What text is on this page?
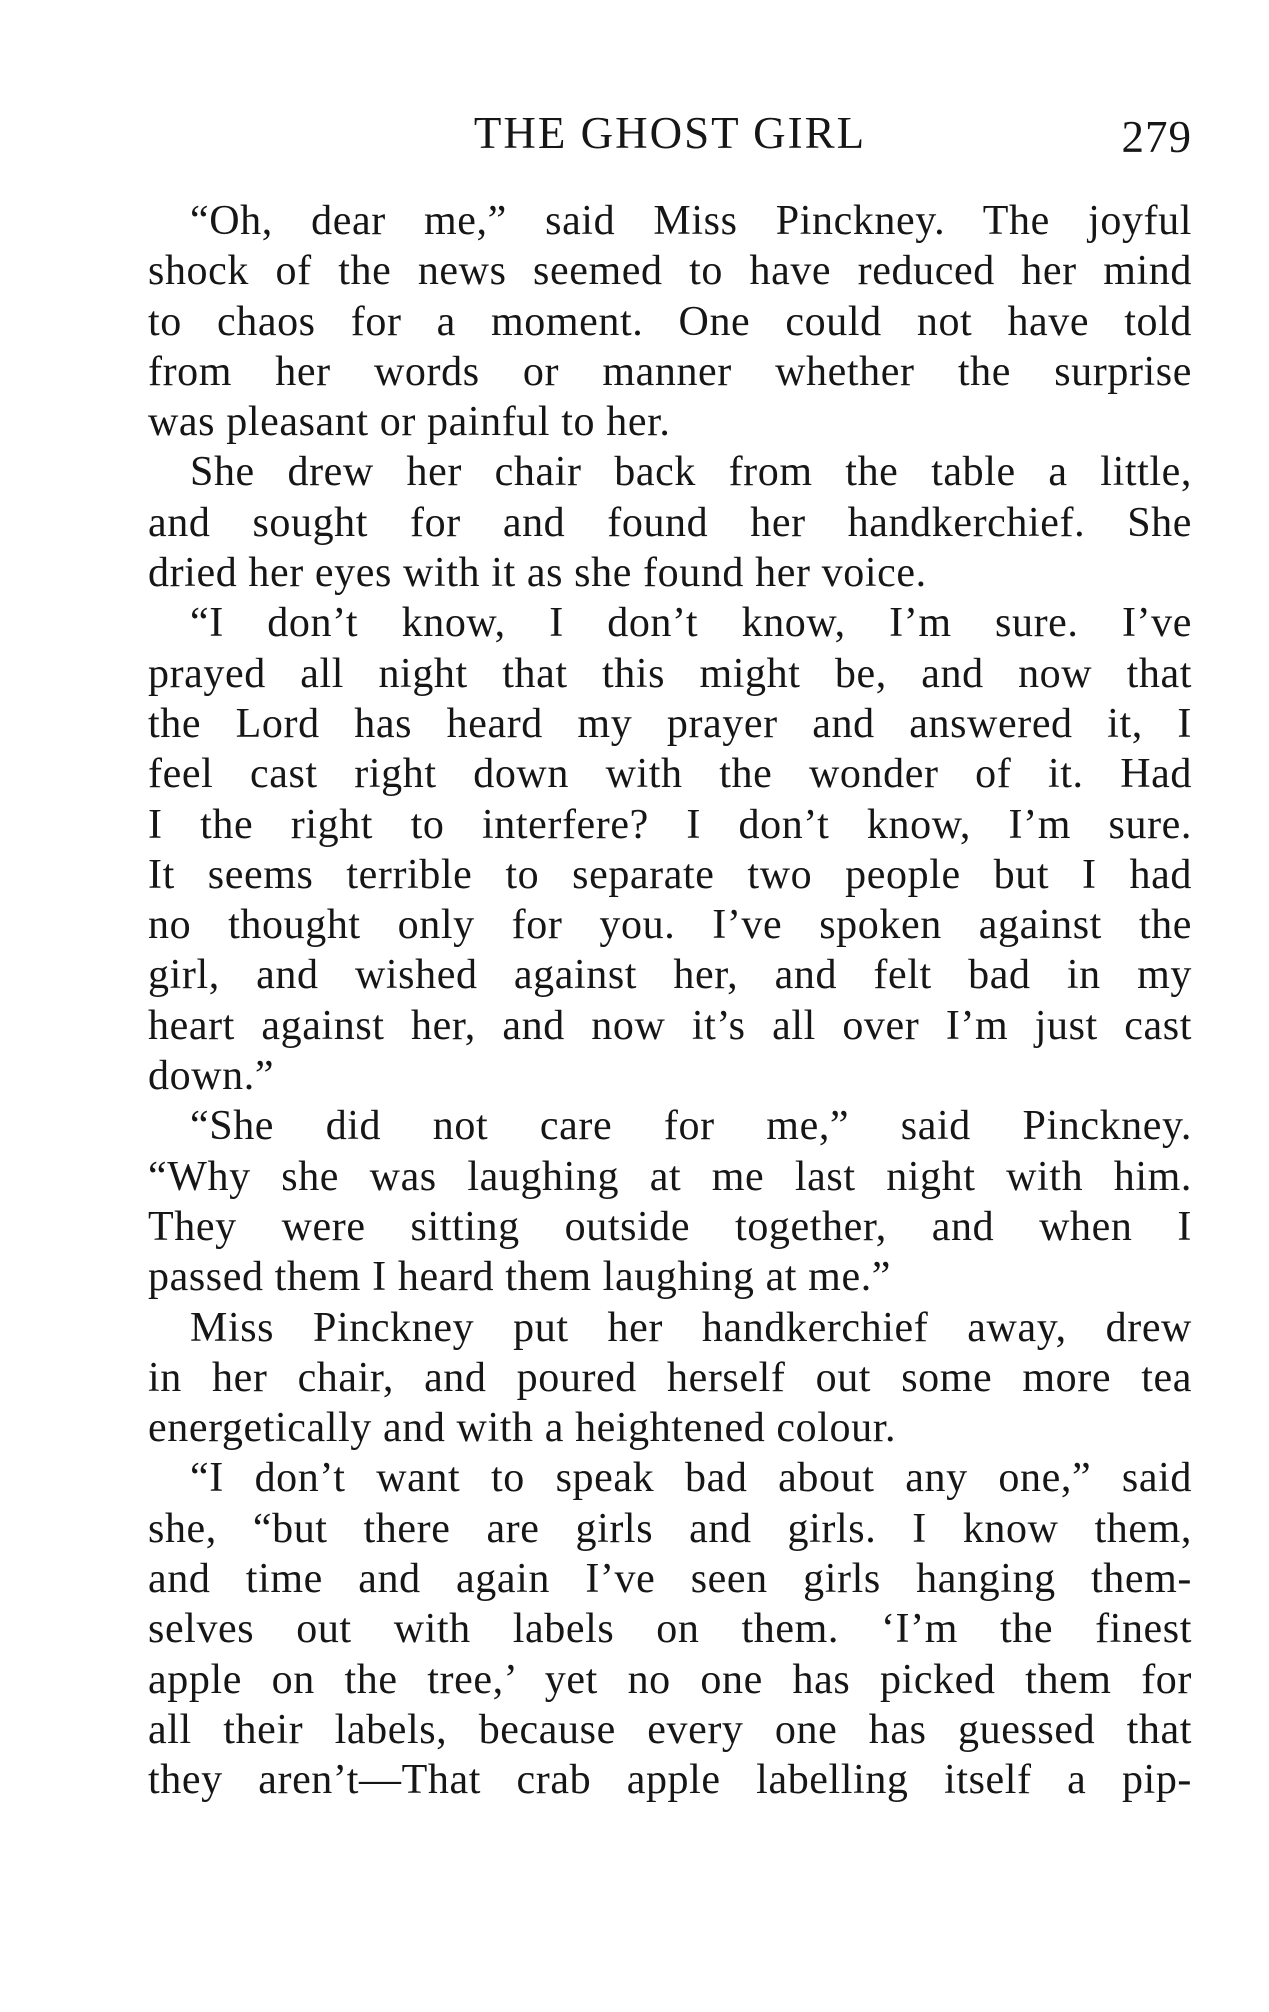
THE GHOST GIRL	279
“Oh, dear me,” said Miss Pinckney. The joyful
shock of the news seemed to have reduced her mind
to chaos for a moment. One could not have told
from her words or manner whether the surprise
was pleasant or painful to her.
She drew her chair back from the table a little,
and sought for and found her handkerchief. She
dried her eyes with it as she found her voice.
“I don’t know, I don’t know, I’m sure. I’ve
prayed all night that this might be, and now that
the Lord has heard my prayer and answered it, I
feel cast right down with the wonder of it. Had
I the right to interfere? I don’t know, I’m sure.
It seems terrible to separate two people but I had
no thought only for you. I’ve spoken against the
girl, and wished against her, and felt bad in my
heart against her, and now it’s all over I’m just cast
down.”
“She did not care for me,” said Pinckney.
“Why she was laughing at me last night with him.
They were sitting outside together, and when I
passed them I heard them laughing at me.”
Miss Pinckney put her handkerchief away, drew
in her chair, and poured herself out some more tea
energetically and with a heightened colour.
“I don’t want to speak bad about any one,” said
she, “but there are girls and girls. I know them,
and time and again I’ve seen girls hanging them-
selves out with labels on them. ‘I’m the finest
apple on the tree,’ yet no one has picked them for
all their labels, because every one has guessed that
they aren’t—That crab apple labelling itself a pip-
